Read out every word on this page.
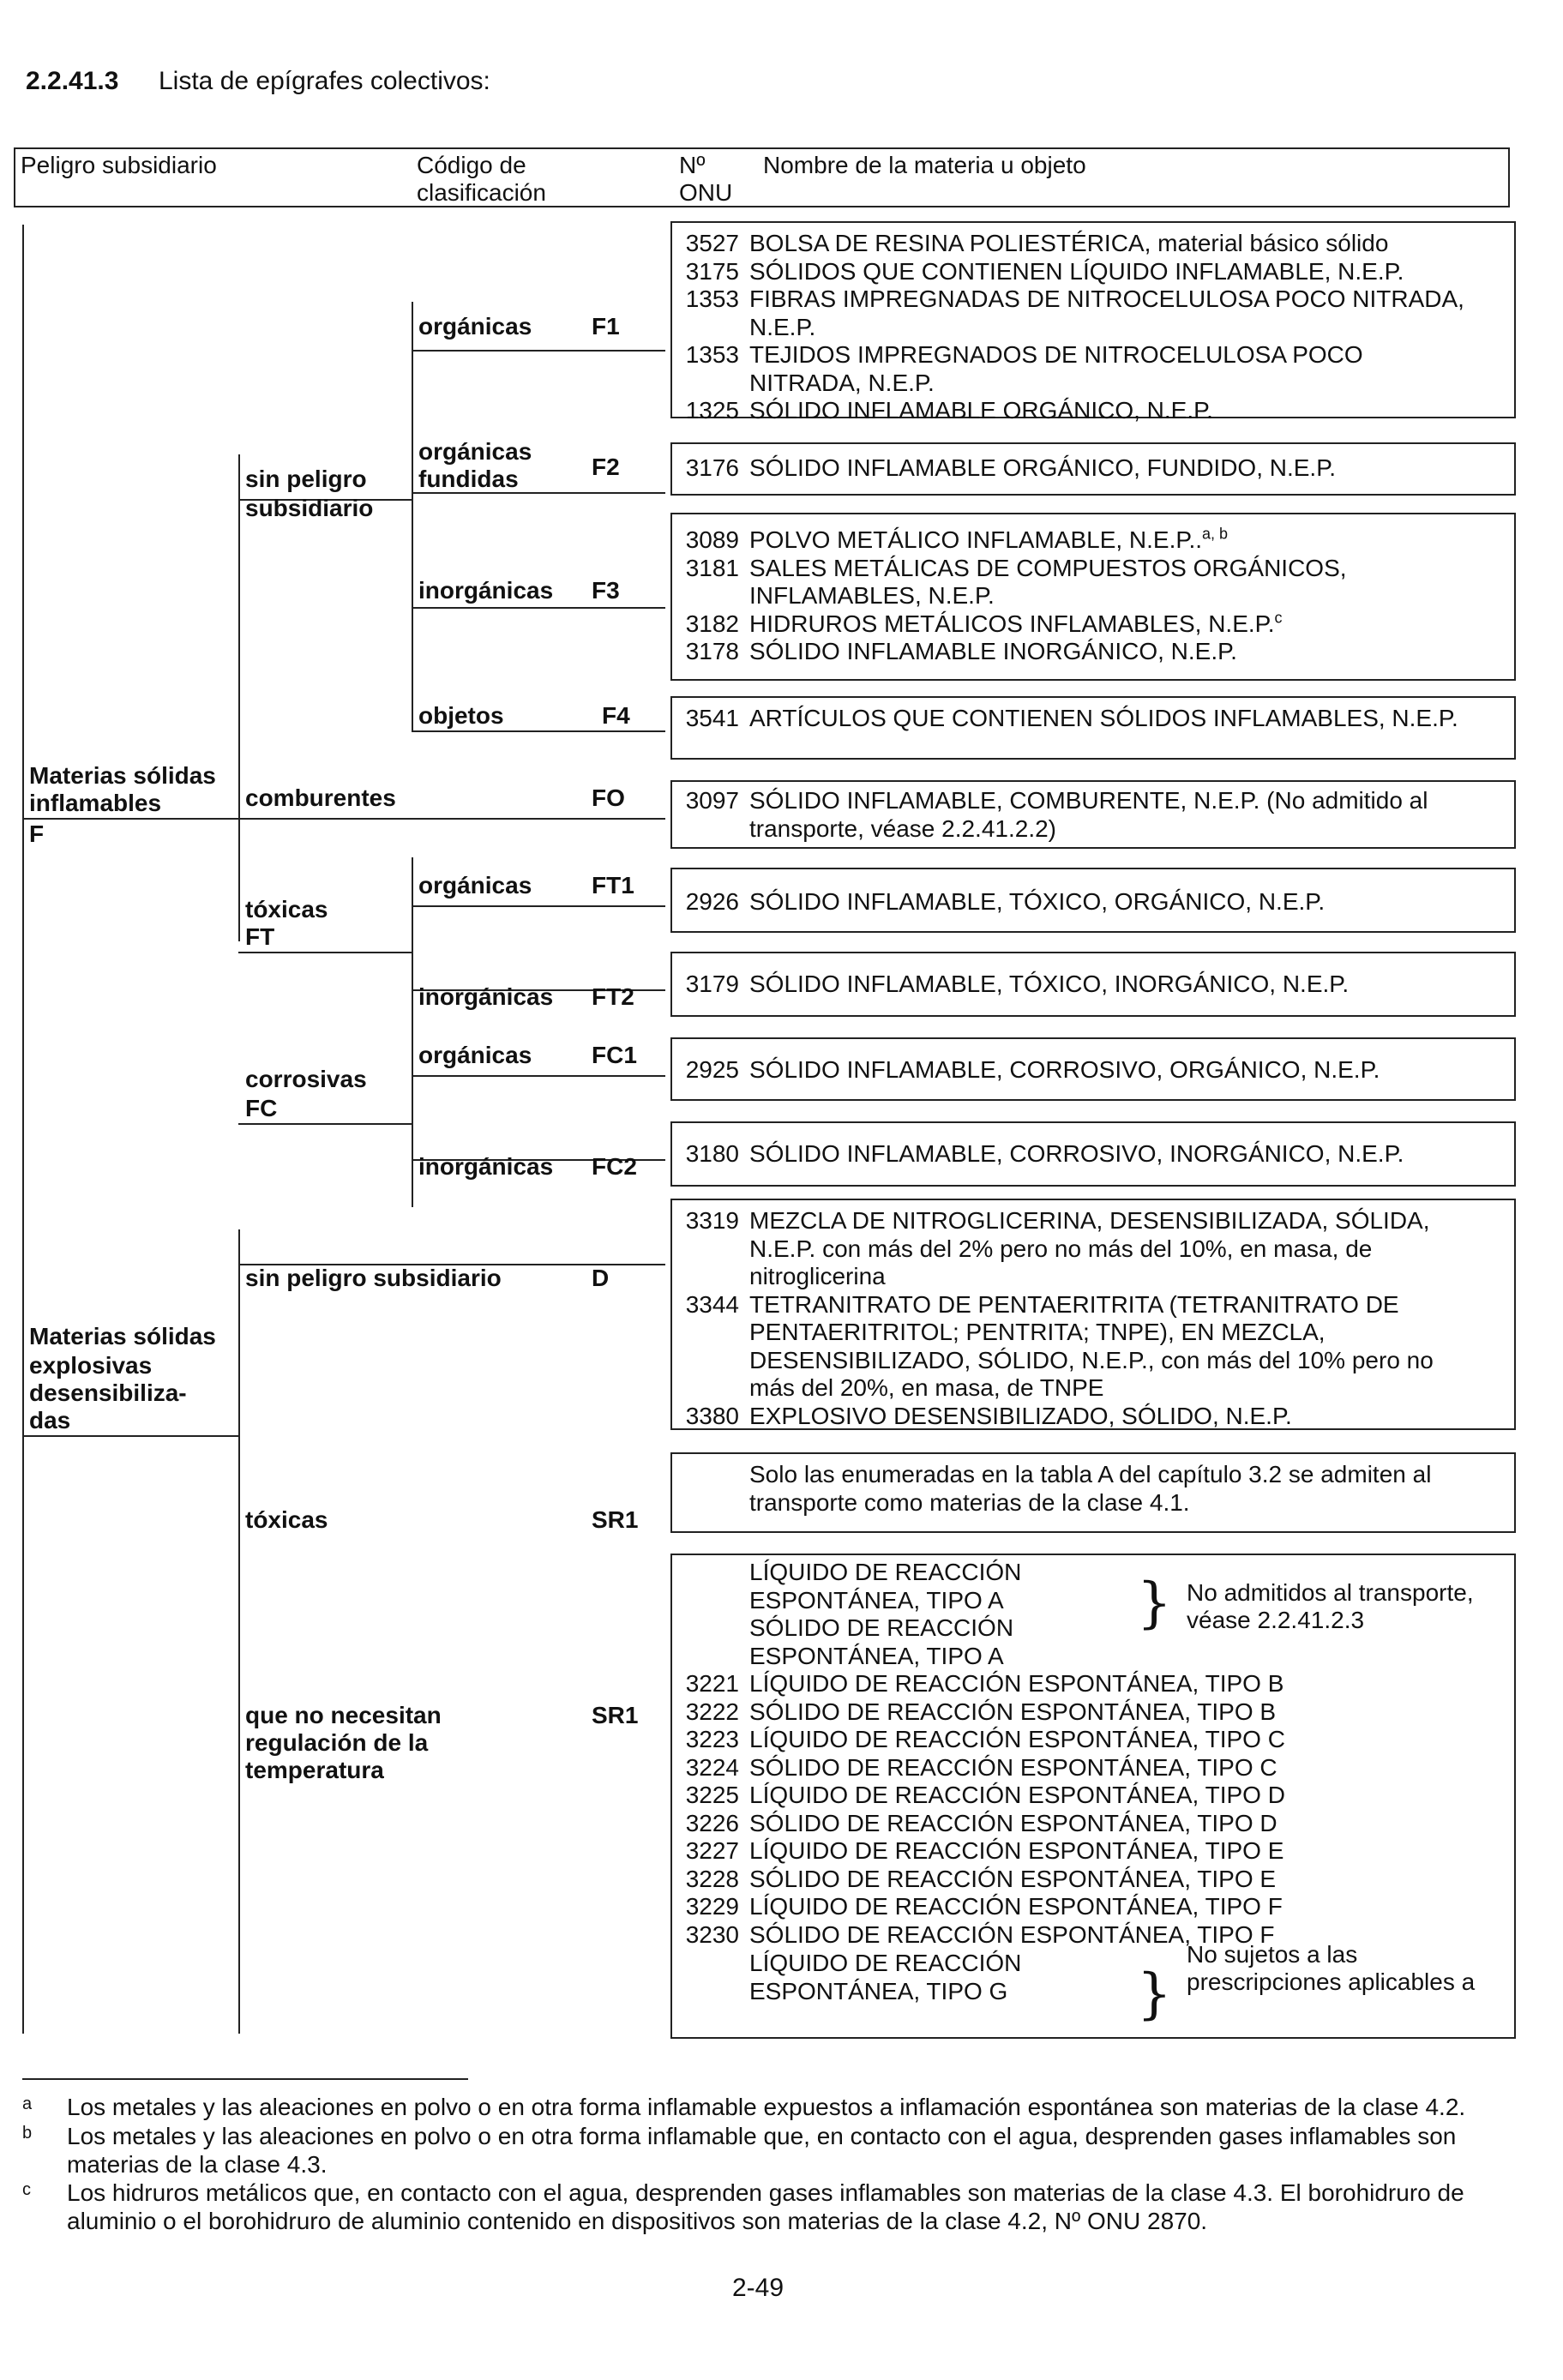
2.2.41.3 Lista de epígrafes colectivos:
Peligro subsidiario	Código de
clasificación
Nº
ONU
Nombre de la materia u objeto
Materias sólidas
inflamables
F
Materias sólidas
explosivas
desensibiliza-
das
sin peligro
subsidiario
orgánicas
orgánicas
fundidas
inorgánicas
objetos
comburentes
tóxicas
FT
orgánicas
inorgánicas
corrosivas
FC
orgánicas
inorgánicas
sin peligro subsidiario
tóxicas
que no necesitan
regulación de la
temperatura
F1
F2
F3
F4
FO
FT1
FT2
FC1
FC2
D
SR1
SR1
3527 BOLSA DE RESINA POLIESTÉRICA, material básico sólido
3175 SÓLIDOS QUE CONTIENEN LÍQUIDO INFLAMABLE, N.E.P.
1353 FIBRAS IMPREGNADAS DE NITROCELULOSA POCO NITRADA,
N.E.P.
1353 TEJIDOS IMPREGNADOS DE NITROCELULOSA POCO
NITRADA, N.E.P.
1325 SÓLIDO INFLAMABLE ORGÁNICO, N.E.P.
3176 SÓLIDO INFLAMABLE ORGÁNICO, FUNDIDO, N.E.P.
3089 POLVO METÁLICO INFLAMABLE, N.E.P..$^{a, b}$
3181 SALES METÁLICAS DE COMPUESTOS ORGÁNICOS,
INFLAMABLES, N.E.P.
3182 HIDRUROS METÁLICOS INFLAMABLES, N.E.P.$^c$
3178 SÓLIDO INFLAMABLE INORGÁNICO, N.E.P.
3541 ARTÍCULOS QUE CONTIENEN SÓLIDOS INFLAMABLES, N.E.P.
3097 SÓLIDO INFLAMABLE, COMBURENTE, N.E.P. (No admitido al
transporte, véase 2.2.41.2.2)
2926 SÓLIDO INFLAMABLE, TÓXICO, ORGÁNICO, N.E.P.
3179 SÓLIDO INFLAMABLE, TÓXICO, INORGÁNICO, N.E.P.
2925 SÓLIDO INFLAMABLE, CORROSIVO, ORGÁNICO, N.E.P.
3180 SÓLIDO INFLAMABLE, CORROSIVO, INORGÁNICO, N.E.P.
3319 MEZCLA DE NITROGLICERINA, DESENSIBILIZADA, SÓLIDA,
N.E.P. con más del 2% pero no más del 10%, en masa, de
nitroglicerina
3344 TETRANITRATO DE PENTAERITRITA (TETRANITRATO DE
PENTAERITRITOL; PENTRITA; TNPE), EN MEZCLA,
DESENSIBILIZADO, SÓLIDO, N.E.P., con más del 10% pero no
más del 20%, en masa, de TNPE
3380 EXPLOSIVO DESENSIBILIZADO, SÓLIDO, N.E.P.
Solo las enumeradas en la tabla A del capítulo 3.2 se admiten al
transporte como materias de la clase 4.1.
LÍQUIDO DE REACCIÓN
ESPONTÁNEA, TIPO A
SÓLIDO DE REACCIÓN
ESPONTÁNEA, TIPO A
3221 LÍQUIDO DE REACCIÓN ESPONTÁNEA, TIPO B
3222 SÓLIDO DE REACCIÓN ESPONTÁNEA, TIPO B
3223 LÍQUIDO DE REACCIÓN ESPONTÁNEA, TIPO C
3224 SÓLIDO DE REACCIÓN ESPONTÁNEA, TIPO C
3225 LÍQUIDO DE REACCIÓN ESPONTÁNEA, TIPO D
3226 SÓLIDO DE REACCIÓN ESPONTÁNEA, TIPO D
3227 LÍQUIDO DE REACCIÓN ESPONTÁNEA, TIPO E
3228 SÓLIDO DE REACCIÓN ESPONTÁNEA, TIPO E
3229 LÍQUIDO DE REACCIÓN ESPONTÁNEA, TIPO F
3230 SÓLIDO DE REACCIÓN ESPONTÁNEA, TIPO F
LÍQUIDO DE REACCIÓN
ESPONTÁNEA, TIPO G
} No admitidos al transporte,
véase 2.2.41.2.3
}
No sujetos a las
prescripciones aplicables a
a Los metales y las aleaciones en polvo o en otra forma inflamable expuestos a inflamación espontánea son materias de la clase 4.2.
b Los metales y las aleaciones en polvo o en otra forma inflamable que, en contacto con el agua, desprenden gases inflamables son materias de la clase 4.3.
c Los hidruros metálicos que, en contacto con el agua, desprenden gases inflamables son materias de la clase 4.3. El borohidruro de aluminio o el borohidruro de aluminio contenido en dispositivos son materias de la clase 4.2, Nº ONU 2870.
2-49
